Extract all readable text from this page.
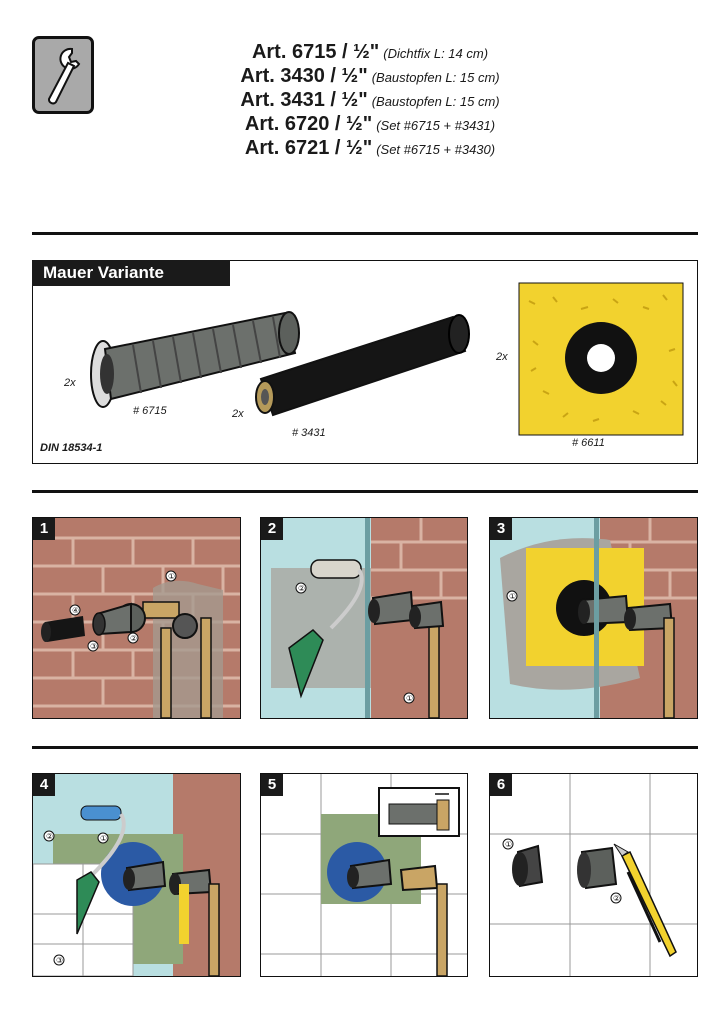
Art. 6715 / ½" (Dichtfix L: 14 cm)
Art. 3430 / ½" (Baustopfen L: 15 cm)
Art. 3431 / ½" (Baustopfen L: 15 cm)
Art. 6720 / ½" (Set #6715 + #3431)
Art. 6721 / ½" (Set #6715 + #3430)
Mauer Variante
2x
# 6715	2x
# 3431
2x
# 6611
DIN 18534-1
1
①
②
③
④
2
②
①
3
①
4
①
②
③
5	6
①
②
